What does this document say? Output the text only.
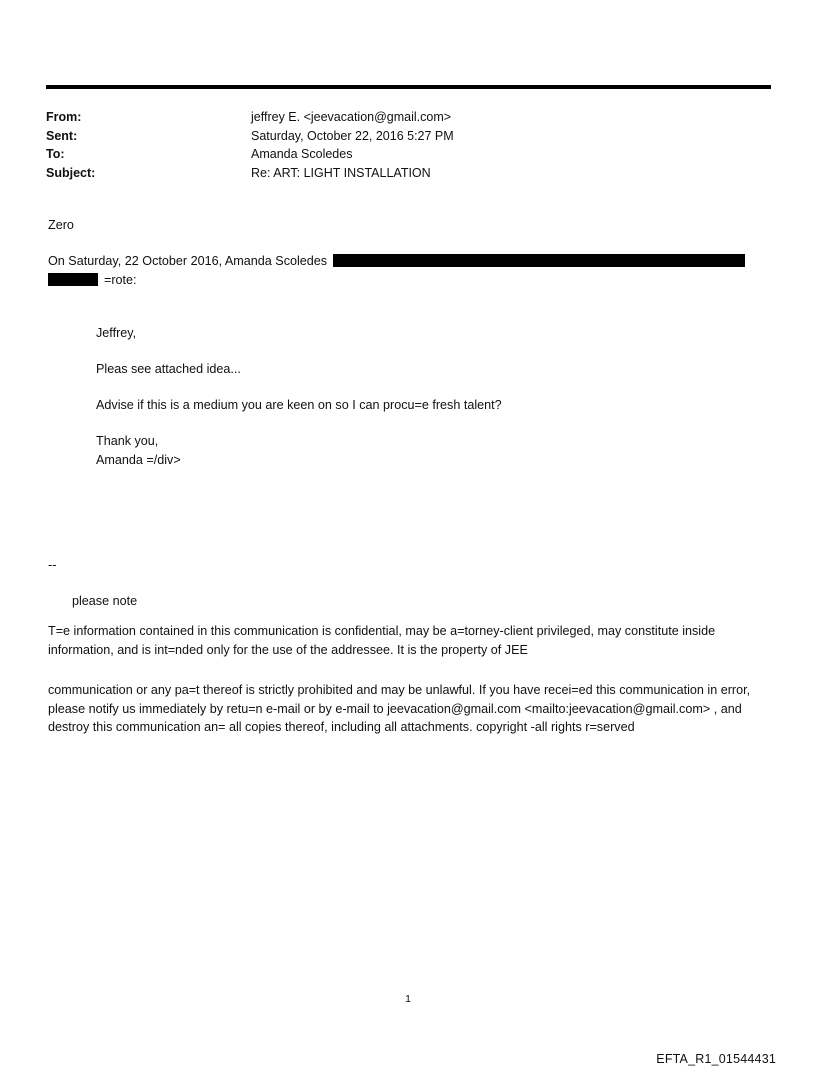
From:	jeffrey E. <jeevacation@gmail.com>
Sent:	Saturday, October 22, 2016 5:27 PM
To:	Amanda Scoledes
Subject:	Re: ART: LIGHT INSTALLATION
Zero
On Saturday, 22 October 2016, Amanda Scoledes
=rote:
Jeffrey,
Pleas see attached idea...
Advise if this is a medium you are keen on so I can procu=e fresh talent?
Thank you,
Amanda =/div>
--
please note
T=e information contained in this communication is confidential, may be a=torney-client privileged, may constitute inside information, and is int=nded only for the use of the addressee. It is the property of JEE
communication or any pa=t thereof is strictly prohibited and may be unlawful. If you have recei=ed this communication in error, please notify us immediately by retu=n e-mail or by e-mail to jeevacation@gmail.com <mailto:jeevacation@gmail.com> , and destroy this communication an= all copies thereof, including all attachments. copyright -all rights r=served
1
EFTA_R1_01544431
